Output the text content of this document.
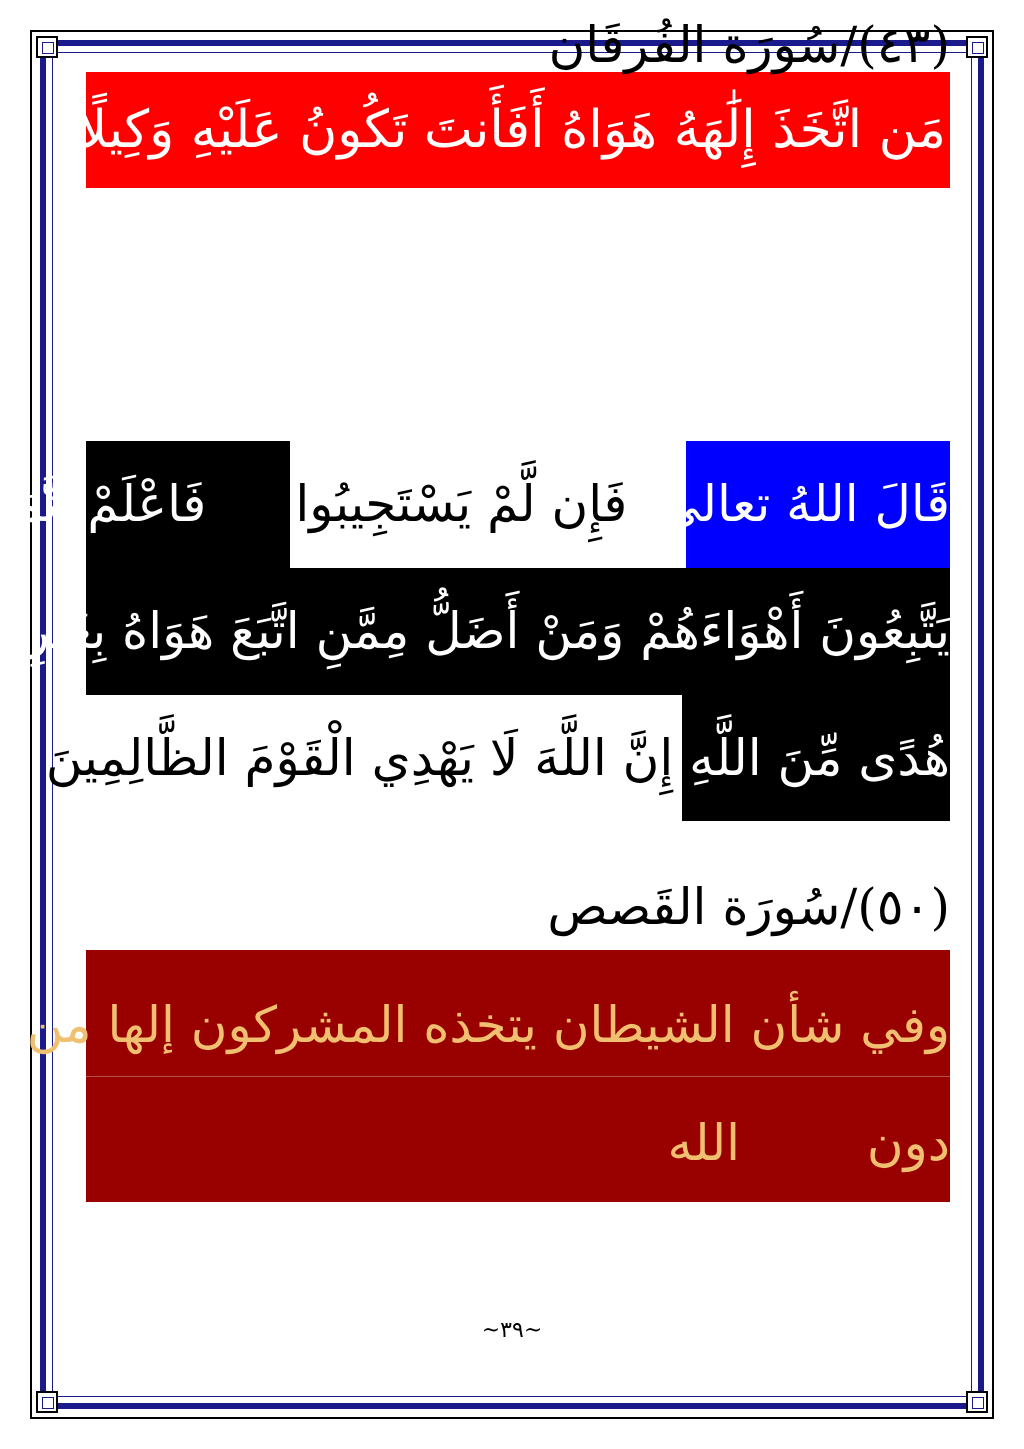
مَن اتَّخَذَ إِلَٰهَهُ هَوَاهُ أَفَأَنتَ تَكُونُ عَلَيْهِ وَكِيلًا
(٤٣)/سُورَة الفُرقَان
قَالَ اللهُ تعالي: فَإِن لَّمْ يَسْتَجِيبُوا لَكَ فَاعْلَمْ أَنَّمَا
يَتَّبِعُونَ أَهْوَاءَهُمْ وَمَنْ أَضَلُّ مِمَّنِ اتَّبَعَ هَوَاهُ بِغَيْرِ
هُدًى مِّنَ اللَّهِ إِنَّ اللَّهَ لَا يَهْدِي الْقَوْمَ الظَّالِمِينَ
(٥٠)/سُورَة القَصص
وفي شأن الشيطان يتخذه المشركون إلها من
دون
الله
~٣٩~
